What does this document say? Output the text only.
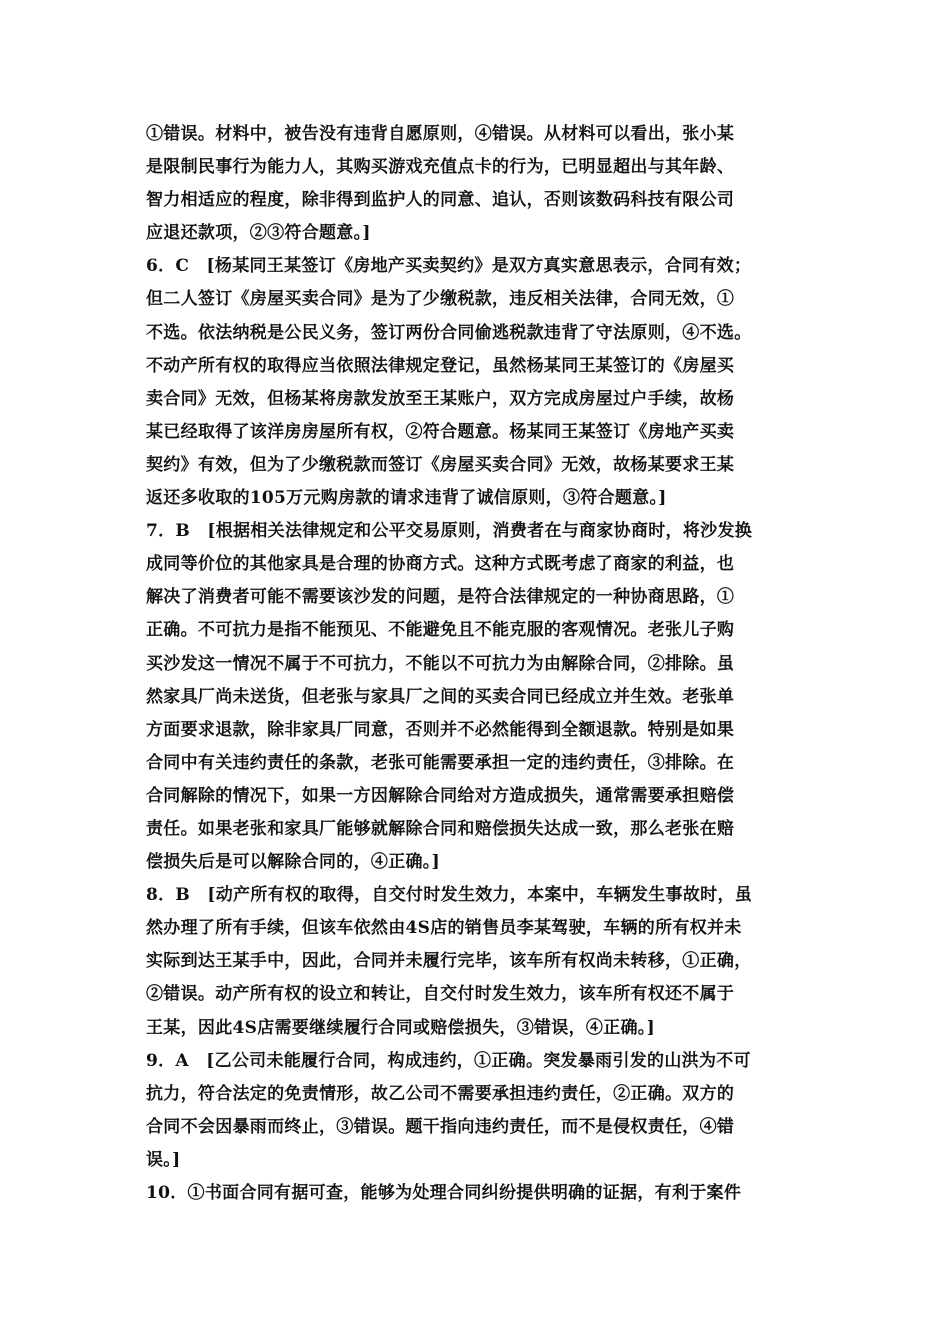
①错误。材料中，被告没有违背自愿原则，④错误。从材料可以看出，张小某
是限制民事行为能力人，其购买游戏充值点卡的行为，已明显超出与其年龄、
智力相适应的程度，除非得到监护人的同意、追认，否则该数码科技有限公司
应退还款项，②③符合题意。]
6．C　[杨某同王某签订《房地产买卖契约》是双方真实意思表示，合同有效；
但二人签订《房屋买卖合同》是为了少缴税款，违反相关法律，合同无效，①
不选。依法纳税是公民义务，签订两份合同偷逃税款违背了守法原则，④不选。
不动产所有权的取得应当依照法律规定登记，虽然杨某同王某签订的《房屋买
卖合同》无效，但杨某将房款发放至王某账户，双方完成房屋过户手续，故杨
某已经取得了该洋房房屋所有权，②符合题意。杨某同王某签订《房地产买卖
契约》有效，但为了少缴税款而签订《房屋买卖合同》无效，故杨某要求王某
返还多收取的105万元购房款的请求违背了诚信原则，③符合题意。]
7．B　[根据相关法律规定和公平交易原则，消费者在与商家协商时，将沙发换
成同等价位的其他家具是合理的协商方式。这种方式既考虑了商家的利益，也
解决了消费者可能不需要该沙发的问题，是符合法律规定的一种协商思路，①
正确。不可抗力是指不能预见、不能避免且不能克服的客观情况。老张儿子购
买沙发这一情况不属于不可抗力，不能以不可抗力为由解除合同，②排除。虽
然家具厂尚未送货，但老张与家具厂之间的买卖合同已经成立并生效。老张单
方面要求退款，除非家具厂同意，否则并不必然能得到全额退款。特别是如果
合同中有关违约责任的条款，老张可能需要承担一定的违约责任，③排除。在
合同解除的情况下，如果一方因解除合同给对方造成损失，通常需要承担赔偿
责任。如果老张和家具厂能够就解除合同和赔偿损失达成一致，那么老张在赔
偿损失后是可以解除合同的，④正确。]
8．B　[动产所有权的取得，自交付时发生效力，本案中，车辆发生事故时，虽
然办理了所有手续，但该车依然由4S店的销售员李某驾驶，车辆的所有权并未
实际到达王某手中，因此，合同并未履行完毕，该车所有权尚未转移，①正确，
②错误。动产所有权的设立和转让，自交付时发生效力，该车所有权还不属于
王某，因此4S店需要继续履行合同或赔偿损失，③错误，④正确。]
9．A　[乙公司未能履行合同，构成违约，①正确。突发暴雨引发的山洪为不可
抗力，符合法定的免责情形，故乙公司不需要承担违约责任，②正确。双方的
合同不会因暴雨而终止，③错误。题干指向违约责任，而不是侵权责任，④错
误。]
10．①书面合同有据可查，能够为处理合同纠纷提供明确的证据，有利于案件
